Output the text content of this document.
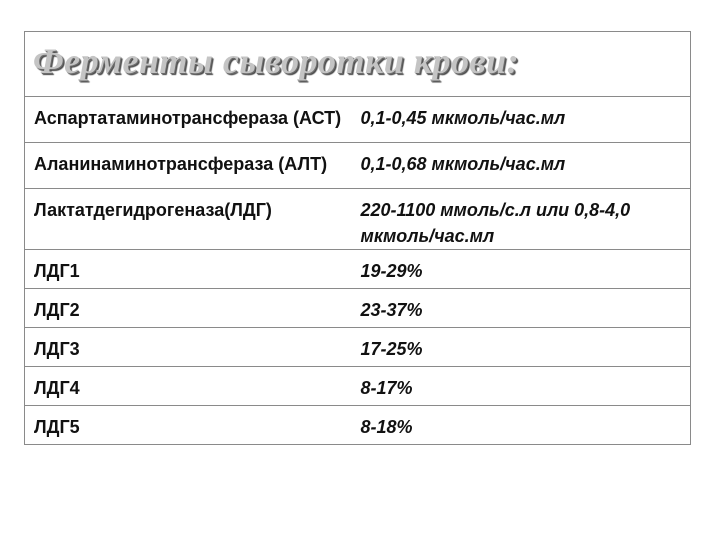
Ферменты сыворотки крови:	

Аспартатаминотрансфераза (АСТ)	0,1-0,45 мкмоль/час.мл
Аланинаминотрансфераза (АЛТ)	0,1-0,68 мкмоль/час.мл
Лактатдегидрогеназа(ЛДГ)	220-1100 ммоль/с.л или 0,8-4,0 мкмоль/час.мл
ЛДГ1	19-29%
ЛДГ2	23-37%
ЛДГ3	17-25%
ЛДГ4	8-17%
ЛДГ5	8-18%
